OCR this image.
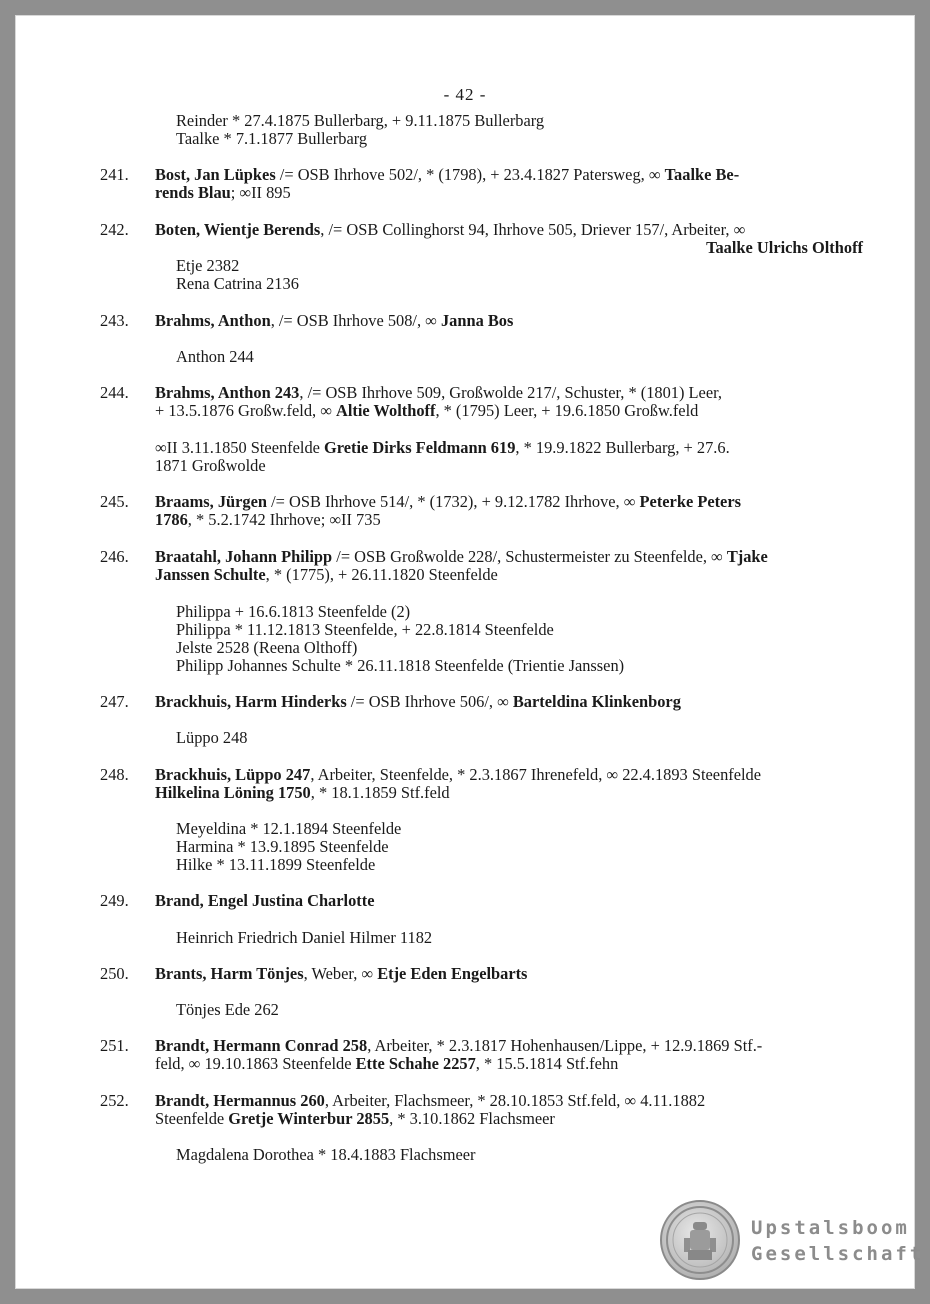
- 42 -
Reinder * 27.4.1875 Bullerbarg, + 9.11.1875 Bullerbarg
Taalke * 7.1.1877 Bullerbarg
241. Bost, Jan Lüpkes /= OSB Ihrhove 502/, * (1798), + 23.4.1827 Patersweg, ∞ Taalke Be-
rends Blau; ∞II 895
242. Boten, Wientje Berends, /= OSB Collinghorst 94, Ihrhove 505, Driever 157/, Arbeiter, ∞
Taalke Ulrichs Olthoff
Etje 2382
Rena Catrina 2136
243. Brahms, Anthon, /= OSB Ihrhove 508/, ∞ Janna Bos
Anthon 244
244. Brahms, Anthon 243, /= OSB Ihrhove 509, Großwolde 217/, Schuster, * (1801) Leer,
+ 13.5.1876 Großw.feld, ∞ Altie Wolthoff, * (1795) Leer, + 19.6.1850 Großw.feld
∞II 3.11.1850 Steenfelde Gretie Dirks Feldmann 619, * 19.9.1822 Bullerbarg, + 27.6.
1871 Großwolde
245. Braams, Jürgen /= OSB Ihrhove 514/, * (1732), + 9.12.1782 Ihrhove, ∞ Peterke Peters
1786, * 5.2.1742 Ihrhove; ∞II 735
246. Braatahl, Johann Philipp /= OSB Großwolde 228/, Schustermeister zu Steenfelde, ∞ Tjake
Janssen Schulte, * (1775), + 26.11.1820 Steenfelde
Philippa + 16.6.1813 Steenfelde (2)
Philippa * 11.12.1813 Steenfelde, + 22.8.1814 Steenfelde
Jelste 2528 (Reena Olthoff)
Philipp Johannes Schulte * 26.11.1818 Steenfelde (Trientie Janssen)
247. Brackhuis, Harm Hinderks /= OSB Ihrhove 506/, ∞ Barteldina Klinkenborg
Lüppo 248
248. Brackhuis, Lüppo 247, Arbeiter, Steenfelde, * 2.3.1867 Ihrenefeld, ∞ 22.4.1893 Steenfelde
Hilkelina Löning 1750, * 18.1.1859 Stf.feld
Meyeldina * 12.1.1894 Steenfelde
Harmina * 13.9.1895 Steenfelde
Hilke * 13.11.1899 Steenfelde
249. Brand, Engel Justina Charlotte
Heinrich Friedrich Daniel Hilmer 1182
250. Brants, Harm Tönjes, Weber, ∞ Etje Eden Engelbarts
Tönjes Ede 262
251. Brandt, Hermann Conrad 258, Arbeiter, * 2.3.1817 Hohenhausen/Lippe, + 12.9.1869 Stf.-
feld, ∞ 19.10.1863 Steenfelde Ette Schahe 2257, * 15.5.1814 Stf.fehn
252. Brandt, Hermannus 260, Arbeiter, Flachsmeer, * 28.10.1853 Stf.feld, ∞ 4.11.1882
Steenfelde Gretje Winterbur 2855, * 3.10.1862 Flachsmeer
Magdalena Dorothea * 18.4.1883 Flachsmeer
Upstalsboom
Gesellschaft
